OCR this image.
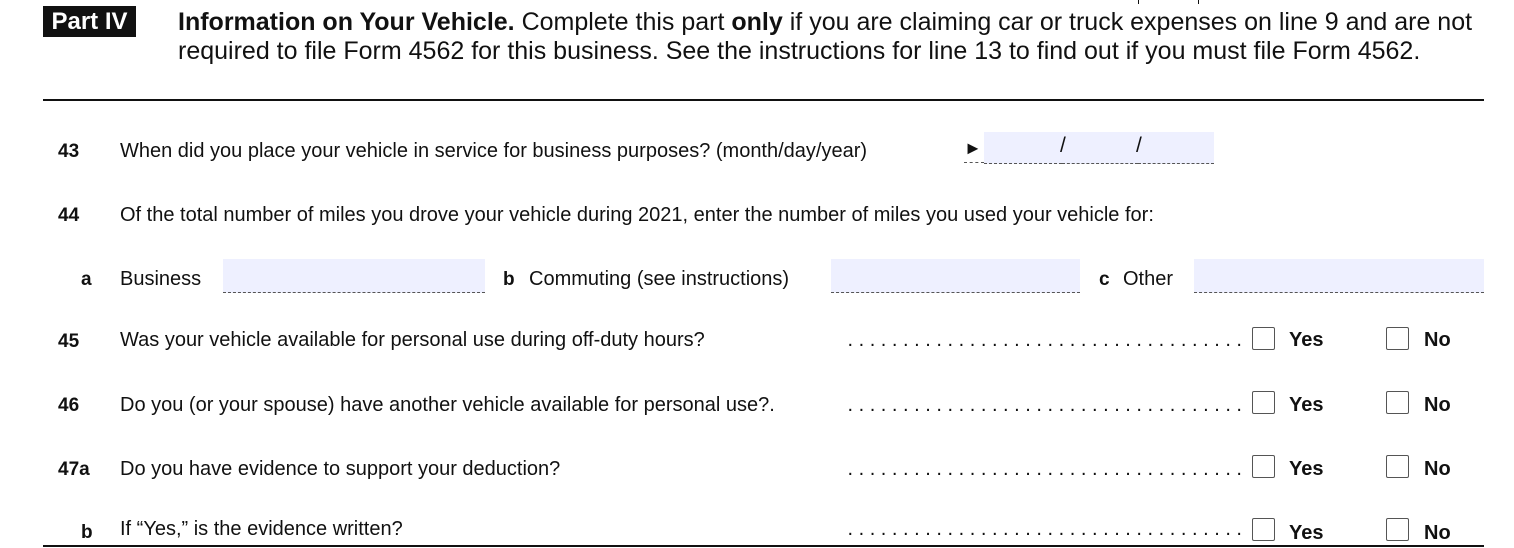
Part IV	Information on Your Vehicle. Complete this part only if you are claiming car or truck expenses on line 9 and are not required to file Form 4562 for this business. See the instructions for line 13 to find out if you must file Form 4562.
43 When did you place your vehicle in service for business purposes? (month/day/year)	►	/	/
44 Of the total number of miles you drove your vehicle during 2021, enter the number of miles you used your vehicle for:
a Business	b Commuting (see instructions)	c Other
45 Was your vehicle available for personal use during off-duty hours?	. . . . . . . . . . . . . . . . . . . . . . . . . . . . . . . . . . . . Yes	No
46 Do you (or your spouse) have another vehicle available for personal use?.	. . . . . . . . . . . . . . . . . . . . . . . . . . . . . . . . . . . . Yes	No
47a Do you have evidence to support your deduction?	. . . . . . . . . . . . . . . . . . . . . . . . . . . . . . . . . . . . Yes	No
b If “Yes,” is the evidence written?	. . . . . . . . . . . . . . . . . . . . . . . . . . . . . . . . . . . . Yes	No
